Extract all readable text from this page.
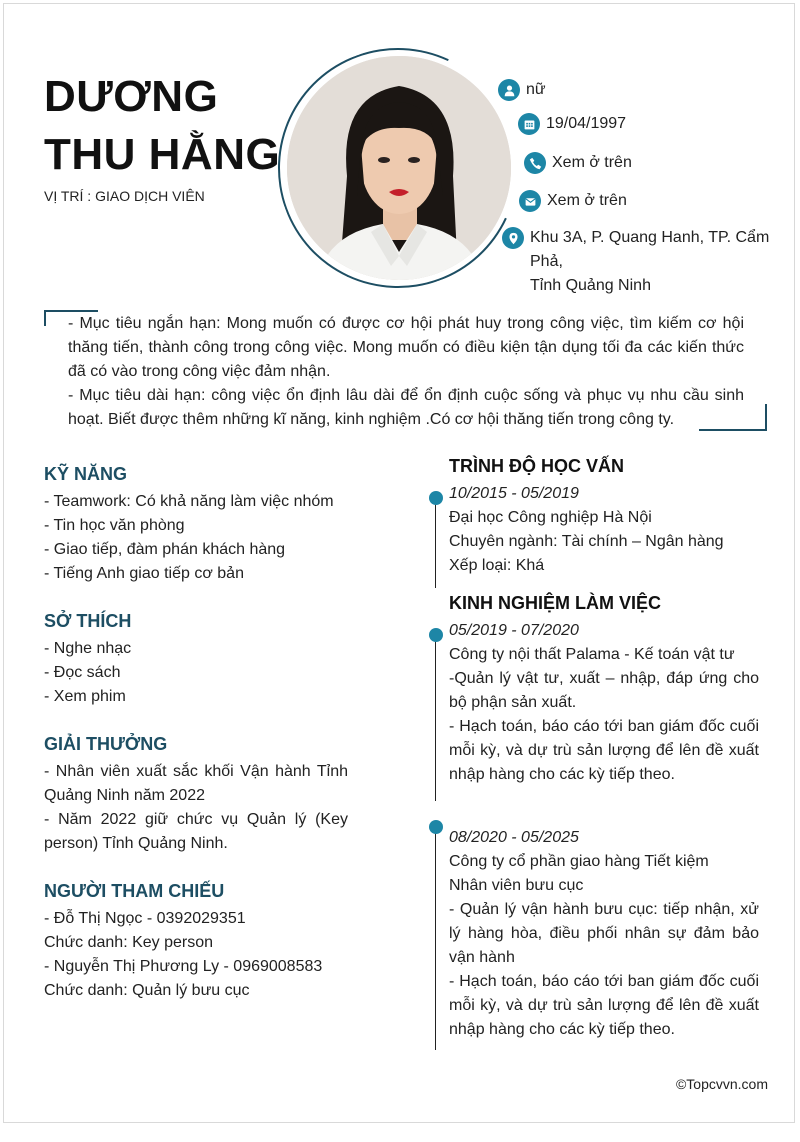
DƯƠNG
THU HẰNG
VỊ TRÍ : GIAO DỊCH VIÊN
nữ
19/04/1997
Xem ở trên
Xem ở trên
Khu 3A, P. Quang Hanh, TP. Cẩm Phả,
Tỉnh Quảng Ninh

- Mục tiêu ngắn hạn: Mong muốn có được cơ hội phát huy trong công việc, tìm kiếm cơ hội thăng tiến, thành công trong công việc. Mong muốn có điều kiện tận dụng tối đa các kiến thức đã có vào trong công việc đảm nhận.

- Mục tiêu dài hạn: công việc ổn định lâu dài để ổn định cuộc sống và phục vụ nhu cầu sinh hoạt. Biết được thêm những kĩ năng, kinh nghiệm .Có cơ hội thăng tiến trong công ty.

KỸ NĂNG
- Teamwork: Có khả năng làm việc nhóm
- Tin học văn phòng
- Giao tiếp, đàm phán khách hàng
- Tiếng Anh giao tiếp cơ bản
SỞ THÍCH
- Nghe nhạc
- Đọc sách
- Xem phim
GIẢI THƯỞNG
- Nhân viên xuất sắc khối Vận hành Tỉnh Quảng Ninh năm 2022
- Năm 2022 giữ chức vụ Quản lý (Key person) Tỉnh Quảng Ninh.
NGƯỜI THAM CHIẾU
- Đỗ Thị Ngọc - 0392029351
Chức danh: Key person
- Nguyễn Thị Phương Ly - 0969008583
Chức danh: Quản lý bưu cục
TRÌNH ĐỘ HỌC VẤN
10/2015 - 05/2019
Đại học Công nghiệp Hà Nội
Chuyên ngành: Tài chính – Ngân hàng
Xếp loại: Khá
KINH NGHIỆM LÀM VIỆC
05/2019 - 07/2020
Công ty nội thất Palama - Kế toán vật tư
-Quản lý vật tư, xuất – nhập, đáp ứng cho bộ phận sản xuất.
- Hạch toán, báo cáo tới ban giám đốc cuối mỗi kỳ, và dự trù sản lượng để lên đề xuất nhập hàng cho các kỳ tiếp theo.
08/2020 - 05/2025
Công ty cổ phần giao hàng Tiết kiệm
Nhân viên bưu cục
- Quản lý vận hành bưu cục: tiếp nhận, xử lý hàng hòa, điều phối nhân sự đảm bảo vận hành
- Hạch toán, báo cáo tới ban giám đốc cuối mỗi kỳ, và dự trù sản lượng để lên đề xuất nhập hàng cho các kỳ tiếp theo.
©Topcvvn.com
